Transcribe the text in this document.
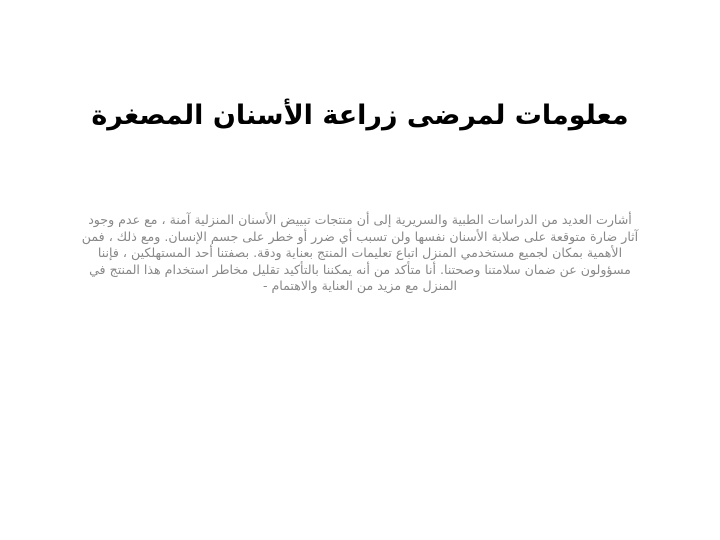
معلومات لمرضى زراعة الأسنان المصغرة

أشارت العديد من الدراسات الطبية والسريرية إلى أن منتجات تبييض الأسنان المنزلية آمنة ، مع عدم وجود آثار ضارة متوقعة على صلابة الأسنان نفسها ولن تسبب أي ضرر أو خطر على جسم الإنسان. ومع ذلك ، فمن الأهمية بمكان لجميع مستخدمي المنزل اتباع تعليمات المنتج بعناية ودقة. بصفتنا أحد المستهلكين ، فإننا مسؤولون عن ضمان سلامتنا وصحتنا. أنا متأكد من أنه يمكننا بالتأكيد تقليل مخاطر استخدام هذا المنتج في المنزل مع مزيد من العناية والاهتمام -
